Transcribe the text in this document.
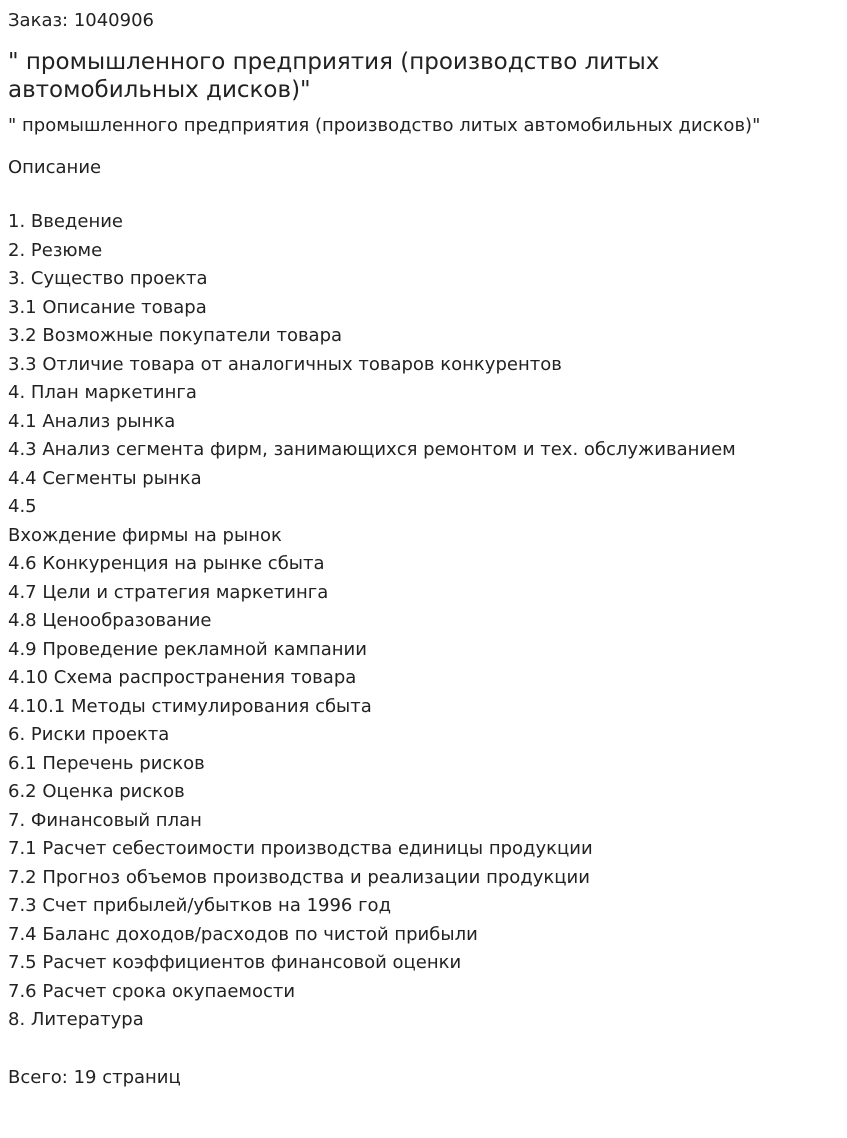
Заказ: 1040906
" промышленного предприятия (производство литых автомобильных дисков)"
" промышленного предприятия (производство литых автомобильных дисков)"
Описание
1. Введение
2. Резюме
3. Существо проекта
3.1 Описание товара
3.2 Возможные покупатели товара
3.3 Отличие товара от аналогичных товаров конкурентов
4. План маркетинга
4.1 Анализ рынка
4.3 Анализ сегмента фирм, занимающихся ремонтом и тех. обслуживанием
4.4 Сегменты рынка
4.5
Вхождение фирмы на рынок
4.6 Конкуренция на рынке сбыта
4.7 Цели и стратегия маркетинга
4.8 Ценообразование
4.9 Проведение рекламной кампании
4.10 Схема распространения товара
4.10.1 Методы стимулирования сбыта
6. Риски проекта
6.1 Перечень рисков
6.2 Оценка рисков
7. Финансовый план
7.1 Расчет себестоимости производства единицы продукции
7.2 Прогноз объемов производства и реализации продукции
7.3 Счет прибылей/убытков на 1996 год
7.4 Баланс доходов/расходов по чистой прибыли
7.5 Расчет коэффициентов финансовой оценки
7.6 Расчет срока окупаемости
8. Литература
Всего: 19 страниц
